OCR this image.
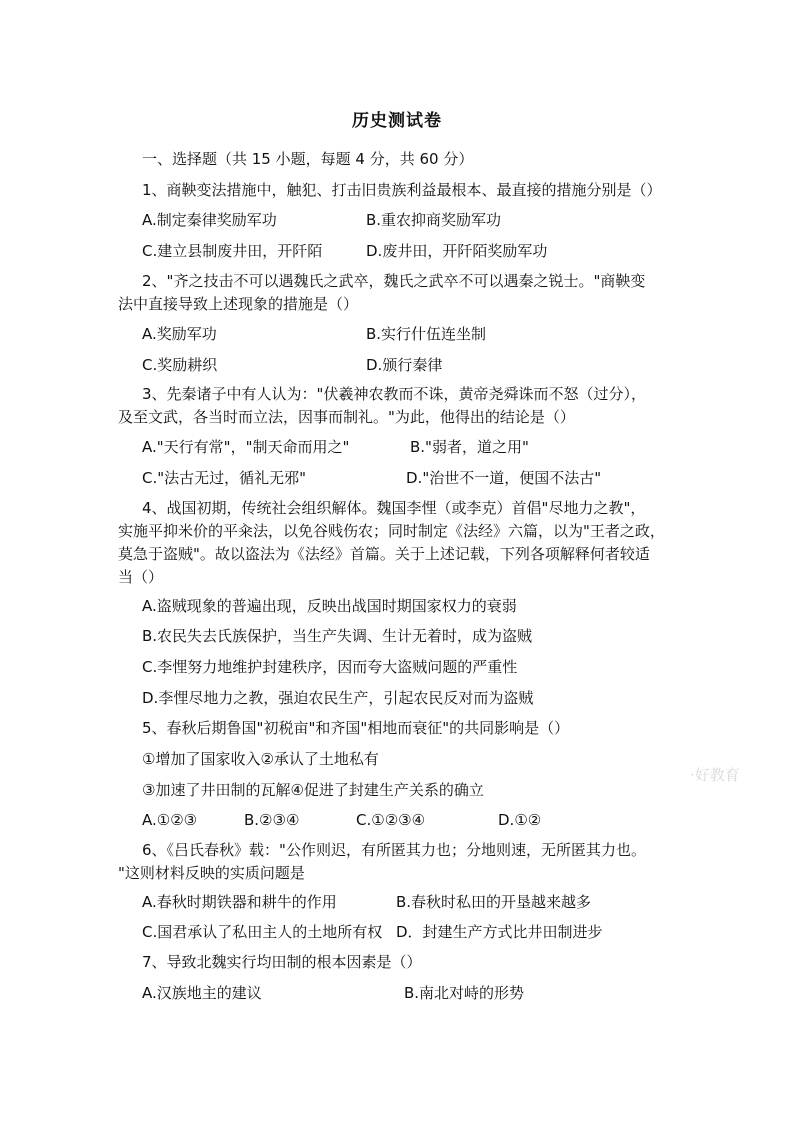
历史测试卷
一、选择题（共 15 小题，每题 4 分，共 60 分）
1、商鞅变法措施中，触犯、打击旧贵族利益最根本、最直接的措施分别是（）
A.制定秦律奖励军功	B.重农抑商奖励军功
C.建立县制废井田，开阡陌	D.废井田，开阡陌奖励军功
2、"齐之技击不可以遇魏氏之武卒，魏氏之武卒不可以遇秦之锐士。"商鞅变
法中直接导致上述现象的措施是（）
A.奖励军功	B.实行什伍连坐制
C.奖励耕织	D.颁行秦律
3、先秦诸子中有人认为："伏羲神农教而不诛，黄帝尧舜诛而不怒（过分），
及至文武，各当时而立法，因事而制礼。"为此，他得出的结论是（）
A."天行有常"，"制天命而用之"	B."弱者，道之用"
C."法古无过，循礼无邪"	D."治世不一道，便国不法古"
4、战国初期，传统社会组织解体。魏国李悝（或李克）首倡"尽地力之教"，
实施平抑米价的平籴法，以免谷贱伤农；同时制定《法经》六篇，以为"王者之政，
莫急于盗贼"。故以盗法为《法经》首篇。关于上述记载，下列各项解释何者较适
当（）
A.盗贼现象的普遍出现，反映出战国时期国家权力的衰弱
B.农民失去氏族保护，当生产失调、生计无着时，成为盗贼
C.李悝努力地维护封建秩序，因而夸大盗贼问题的严重性
D.李悝尽地力之教，强迫农民生产，引起农民反对而为盗贼
5、春秋后期鲁国"初税亩"和齐国"相地而衰征"的共同影响是（）
①增加了国家收入②承认了土地私有
③加速了井田制的瓦解④促进了封建生产关系的确立
A.①②③	B.②③④	C.①②③④	D.①②
6、《吕氏春秋》载："公作则迟，有所匿其力也；分地则速，无所匿其力也。
"这则材料反映的实质问题是
A.春秋时期铁器和耕牛的作用	B.春秋时私田的开垦越来越多
C.国君承认了私田主人的土地所有权 D．封建生产方式比井田制进步
7、导致北魏实行均田制的根本因素是（）
A.汉族地主的建议	B.南北对峙的形势
·好教育
